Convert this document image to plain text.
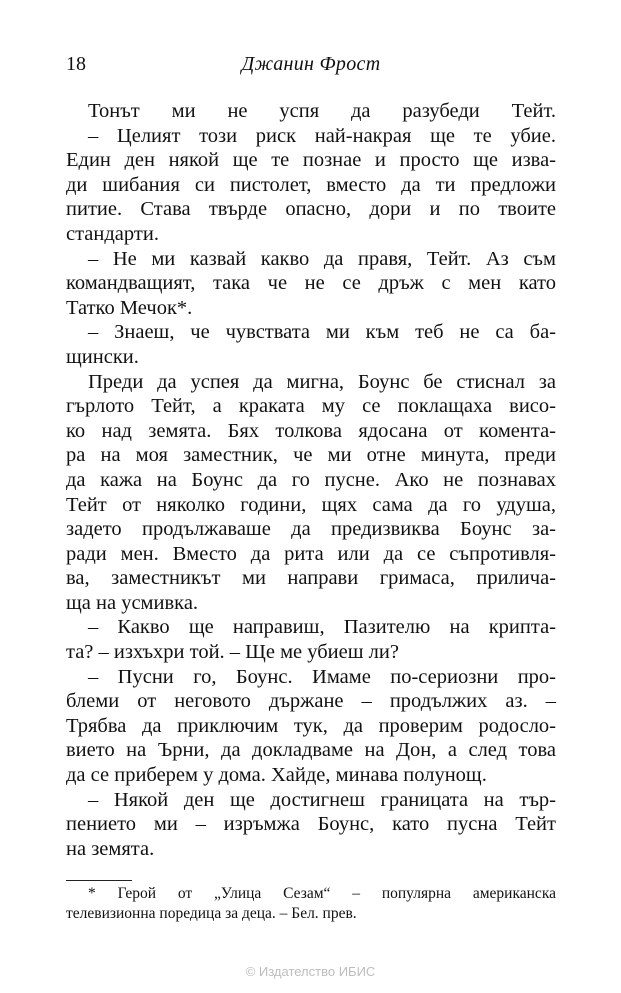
18	Джанин Фрост
Тонът ми не успя да разубеди Тейт.
– Целият този риск най-накрая ще те убие.
Един ден някой ще те познае и просто ще изва-
ди шибания си пистолет, вместо да ти предложи
питие. Става твърде опасно, дори и по твоите
стандарти.
– Не ми казвай какво да правя, Тейт. Аз съм
командващият, така че не се дръж с мен като
Татко Мечок*.
– Знаеш, че чувствата ми към теб не са ба-
щински.
Преди да успея да мигна, Боунс бе стиснал за
гърлото Тейт, а краката му се поклащаха висо-
ко над земята. Бях толкова ядосана от комента-
ра на моя заместник, че ми отне минута, преди
да кажа на Боунс да го пусне. Ако не познавах
Тейт от няколко години, щях сама да го удуша,
задето продължаваше да предизвиква Боунс за-
ради мен. Вместо да рита или да се съпротивля-
ва, заместникът ми направи гримаса, прилича-
ща на усмивка.
– Какво ще направиш, Пазителю на крипта-
та? – изхъхри той. – Ще ме убиеш ли?
– Пусни го, Боунс. Имаме по-сериозни про-
блеми от неговото държане – продължих аз. –
Трябва да приключим тук, да проверим родосло-
вието на Ърни, да докладваме на Дон, а след това
да се приберем у дома. Хайде, минава полунощ.
– Някой ден ще достигнеш границата на тър-
пението ми – изръмжа Боунс, като пусна Тейт
на земята.
* Герой от „Улица Сезам“ – популярна американска
телевизионна поредица за деца. – Бел. прев.
© Издателство ИБИС
